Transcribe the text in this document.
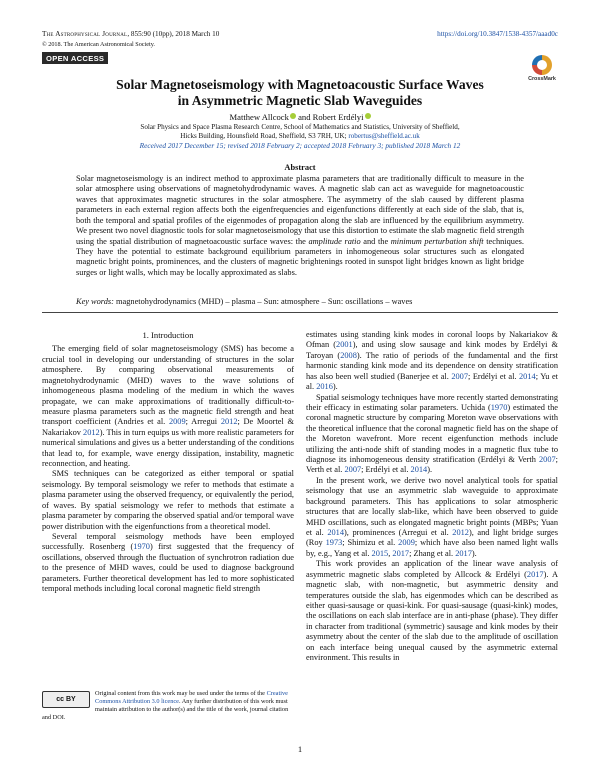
The Astrophysical Journal, 855:90 (10pp), 2018 March 10	https://doi.org/10.3847/1538-4357/aaad0c
© 2018. The American Astronomical Society.
OPEN ACCESS
CrossMark
Solar Magnetoseismology with Magnetoacoustic Surface Waves
in Asymmetric Magnetic Slab Waveguides
Matthew Allcock and Robert Erdélyi
Solar Physics and Space Plasma Research Centre, School of Mathematics and Statistics, University of Sheffield,
Hicks Building, Hounsfield Road, Sheffield, S3 7RH, UK; robertus@sheffield.ac.uk
Received 2017 December 15; revised 2018 February 2; accepted 2018 February 3; published 2018 March 12
Abstract
Solar magnetoseismology is an indirect method to approximate plasma parameters that are traditionally difficult to measure in the solar atmosphere using observations of magnetohydrodynamic waves. A magnetic slab can act as waveguide for magnetoacoustic waves that approximates magnetic structures in the solar atmosphere. The asymmetry of the slab caused by different plasma parameters in each external region affects both the eigenfrequencies and eigenfunctions differently at each side of the slab, that is, both the temporal and spatial profiles of the eigenmodes of propagation along the slab are influenced by the equilibrium asymmetry. We present two novel diagnostic tools for solar magnetoseismology that use this distortion to estimate the slab magnetic field strength using the spatial distribution of magnetoacoustic surface waves: the amplitude ratio and the minimum perturbation shift techniques. They have the potential to estimate background equilibrium parameters in inhomogeneous solar structures such as elongated magnetic bright points, prominences, and the clusters of magnetic brightenings rooted in sunspot light bridges known as light bridge surges or light walls, which may be locally approximated as slabs.
Key words: magnetohydrodynamics (MHD) – plasma – Sun: atmosphere – Sun: oscillations – waves
1. Introduction

The emerging field of solar magnetoseismology (SMS) has become a crucial tool in developing our understanding of structures in the solar atmosphere. By comparing observational measurements of magnetohydrodynamic (MHD) waves to the wave solutions of inhomogeneous plasma modeling of the medium in which the waves propagate, we can make approximations of traditionally difficult-to-measure plasma parameters such as the magnetic field strength and heat transport coefficient (Andries et al. 2009; Arregui 2012; De Moortel & Nakariakov 2012). This in turn equips us with more realistic parameters for numerical simulations and gives us a better understanding of the conditions that lead to, for example, wave energy dissipation, instability, magnetic reconnection, and heating.

SMS techniques can be categorized as either temporal or spatial seismology. By temporal seismology we refer to methods that estimate a plasma parameter using the observed frequency, or equivalently the period, of waves. By spatial seismology we refer to methods that estimate a plasma parameter by comparing the observed spatial and/or temporal wave power distribution with the eigenfunctions from a theoretical model.

Several temporal seismology methods have been employed successfully. Rosenberg (1970) first suggested that the frequency of oscillations, observed through the fluctuation of synchrotron radiation due to the presence of MHD waves, could be used to diagnose background parameters. Further theoretical development has led to more sophisticated temporal methods including local coronal magnetic field strength

cc BY
Original content from this work may be used under the terms of the Creative Commons Attribution 3.0 licence. Any further distribution of this work must maintain attribution to the author(s) and the title of the work, journal citation and DOI.

estimates using standing kink modes in coronal loops by Nakariakov & Ofman (2001), and using slow sausage and kink modes by Erdélyi & Taroyan (2008). The ratio of periods of the fundamental and the first harmonic standing kink mode and its dependence on density stratification has also been well studied (Banerjee et al. 2007; Erdélyi et al. 2014; Yu et al. 2016).

Spatial seismology techniques have more recently started demonstrating their efficacy in estimating solar parameters. Uchida (1970) estimated the coronal magnetic structure by comparing Moreton wave observations with the theoretical influence that the coronal magnetic field has on the shape of the Moreton wavefront. More recent eigenfunction methods include utilizing the anti-node shift of standing modes in a magnetic flux tube to diagnose its inhomogeneous density stratification (Erdélyi & Verth 2007; Verth et al. 2007; Erdélyi et al. 2014).

In the present work, we derive two novel analytical tools for spatial seismology that use an asymmetric slab waveguide to approximate background parameters. This has applications to solar atmospheric structures that are locally slab-like, which have been observed to guide MHD oscillations, such as elongated magnetic bright points (MBPs; Yuan et al. 2014), prominences (Arregui et al. 2012), and light bridge surges (Roy 1973; Shimizu et al. 2009; which have also been named light walls by, e.g., Yang et al. 2015, 2017; Zhang et al. 2017).

This work provides an application of the linear wave analysis of asymmetric magnetic slabs completed by Allcock & Erdélyi (2017). A magnetic slab, with non-magnetic, but asymmetric density and temperatures outside the slab, has eigenmodes which can be described as either quasi-sausage or quasi-kink. For quasi-sausage (quasi-kink) modes, the oscillations on each slab interface are in anti-phase (phase). They differ in character from traditional (symmetric) sausage and kink modes by their asymmetry about the center of the slab due to the amplitude of oscillation on each interface being unequal caused by the asymmetric external environment. This results in

1
